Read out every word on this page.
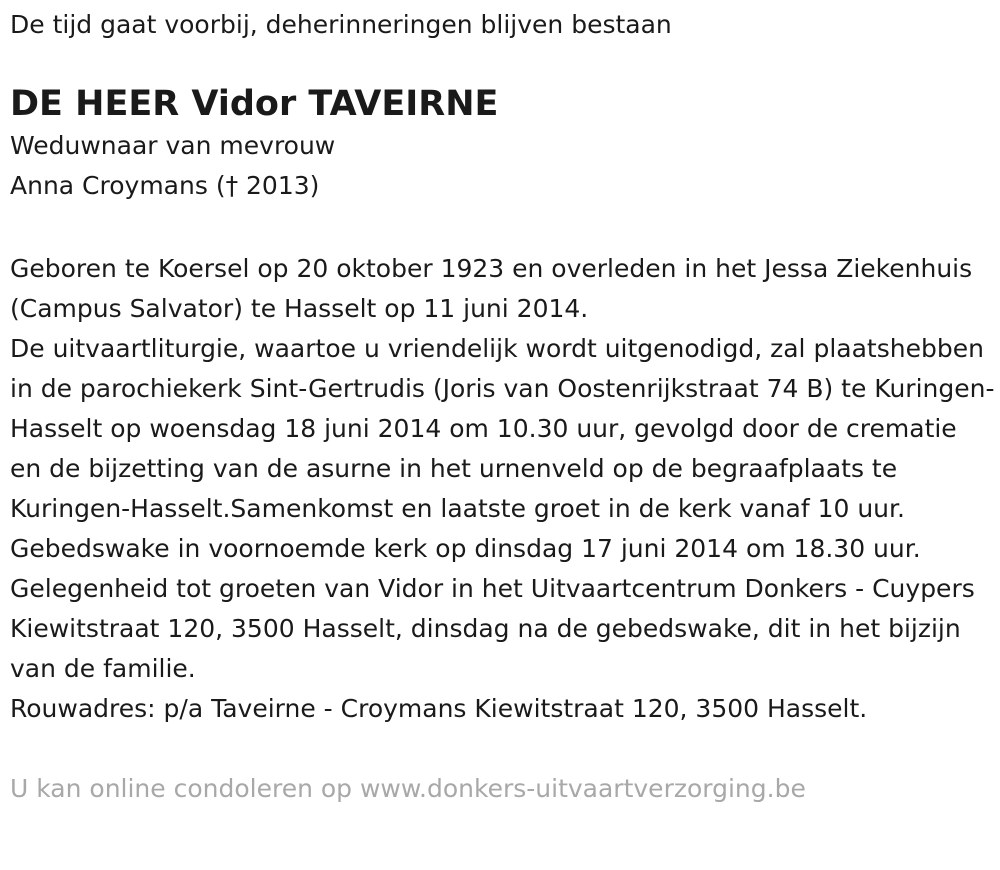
De tijd gaat voorbij, deherinneringen blijven bestaan
DE HEER Vidor TAVEIRNE
Weduwnaar van mevrouw
Anna Croymans († 2013)

Geboren te Koersel op 20 oktober 1923 en overleden in het Jessa Ziekenhuis (Campus Salvator) te Hasselt op 11 juni 2014.

De uitvaartliturgie, waartoe u vriendelijk wordt uitgenodigd, zal plaatshebben in de parochiekerk Sint-Gertrudis (Joris van Oostenrijkstraat 74 B) te Kuringen-Hasselt op woensdag 18 juni 2014 om 10.30 uur, gevolgd door de crematie en de bijzetting van de asurne in het urnenveld op de begraafplaats te Kuringen-Hasselt.Samenkomst en laatste groet in de kerk vanaf 10 uur.

Gebedswake in voornoemde kerk op dinsdag 17 juni 2014 om 18.30 uur.

Gelegenheid tot groeten van Vidor in het Uitvaartcentrum Donkers - Cuypers Kiewitstraat 120, 3500 Hasselt, dinsdag na de gebedswake, dit in het bijzijn van de familie.

Rouwadres: p/a Taveirne - Croymans Kiewitstraat 120, 3500 Hasselt.

U kan online condoleren op www.donkers-uitvaartverzorging.be
